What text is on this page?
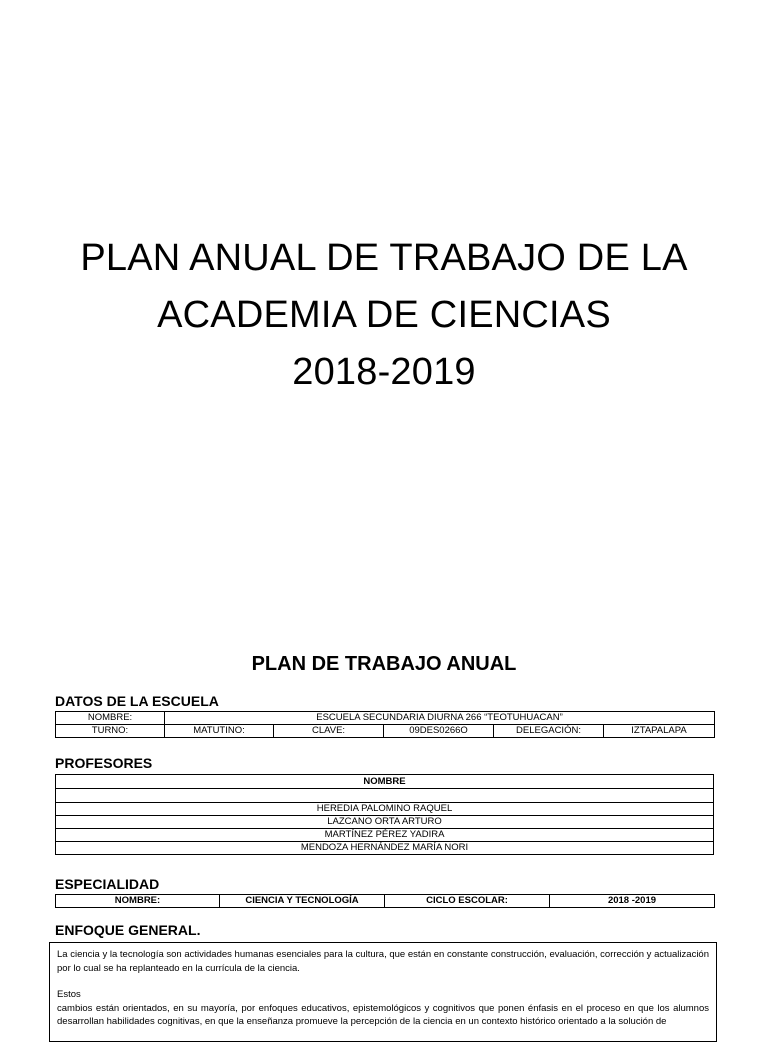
PLAN ANUAL DE TRABAJO DE LA
ACADEMIA DE CIENCIAS
2018-2019
PLAN DE TRABAJO ANUAL
DATOS DE LA ESCUELA
NOMBRE:	ESCUELA SECUNDARIA DIURNA 266 “TEOTUHUACAN”				
TURNO:	MATUTINO:	CLAVE:	09DES0266O	DELEGACIÓN:	IZTAPALAPA
PROFESORES
NOMBRE

HEREDIA PALOMINO RAQUEL
LAZCANO ORTA ARTURO
MARTÍNEZ PÉREZ YADIRA
MENDOZA HERNÁNDEZ MARÍA NORI
ESPECIALIDAD
NOMBRE:	CIENCIA Y TECNOLOGÍA	CICLO ESCOLAR:	2018 -2019
ENFOQUE GENERAL.

La ciencia y la tecnología son actividades humanas esenciales para la cultura, que están en constante construcción, evaluación, corrección y actualización por lo cual se ha replanteado en la currícula de la ciencia.

Estos

cambios están orientados, en su mayoría, por enfoques educativos, epistemológicos y cognitivos que ponen énfasis en el proceso en que los alumnos desarrollan habilidades cognitivas, en que la enseñanza promueve la percepción de la ciencia en un contexto histórico orientado a la solución de
